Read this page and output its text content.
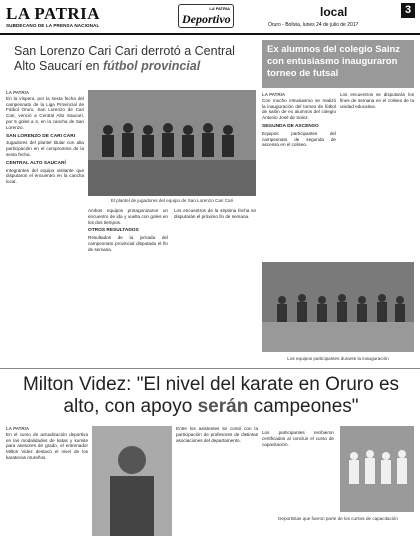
LA PATRIA
SUBDECANO DE LA PRENSA NACIONAL
LA PATRIA
Deportivo	local	3
Oruro - Bolivia, lunes 24 de julio de 2017
San Lorenzo Cari Cari derrotó a Central Alto Saucarí en fútbol provincial
LA PATRIA

En la víspera, por la sexta fecha del campeonato de la Liga Provincial de Fútbol Oruro, San Lorenzo de Cari Cari, venció a Central Alto Saucarí, por 5 goles a 4, en la cancha de San Lorenzo.

SAN LORENZO DE CARI CARI

Jugadores del plantel titular con alta participación en el compromiso de la sexta fecha.

CENTRAL ALTO SAUCARÍ

Integrantes del equipo visitante que disputaron el encuentro en la cancha local.

El plantel de jugadores del equipo de San Lorenzo Cari Cari

Ambos equipos protagonizaron un encuentro de ida y vuelta con goles en los dos tiempos.

OTROS RESULTADOS

Resultados de la jornada del campeonato provincial disputada el fin de semana.

Los encuentros de la séptima fecha se disputarán el próximo fin de semana.

Ex alumnos del colegio Sainz con entusiasmo inauguraron torneo de futsal
LA PATRIA

Con mucho entusiasmo se realizó la inauguración del torneo de fútbol de salón de ex alumnos del colegio Antonio José de Sainz.

SEGUNDA DE ASCENSO

Equipos participantes del campeonato de segunda de ascenso en el coliseo.

Los encuentros se disputarán los fines de semana en el coliseo de la unidad educativa.

Los equipos participantes durante la inauguración
Milton Videz: "El nivel del karate en Oruro es alto, con apoyo serán campeones"
LA PATRIA

En el curso de actualización deportiva en las modalidades de katas y kumite para asesores de grado, el entrenador Milton Videz destacó el nivel de los karatecas orureños.

Entre los asistentes se contó con la participación de profesores de distintas asociaciones del departamento.

Los participantes recibieron certificados al concluir el curso de capacitación.

Deportistas que fueron parte de los cursos de capacitación
